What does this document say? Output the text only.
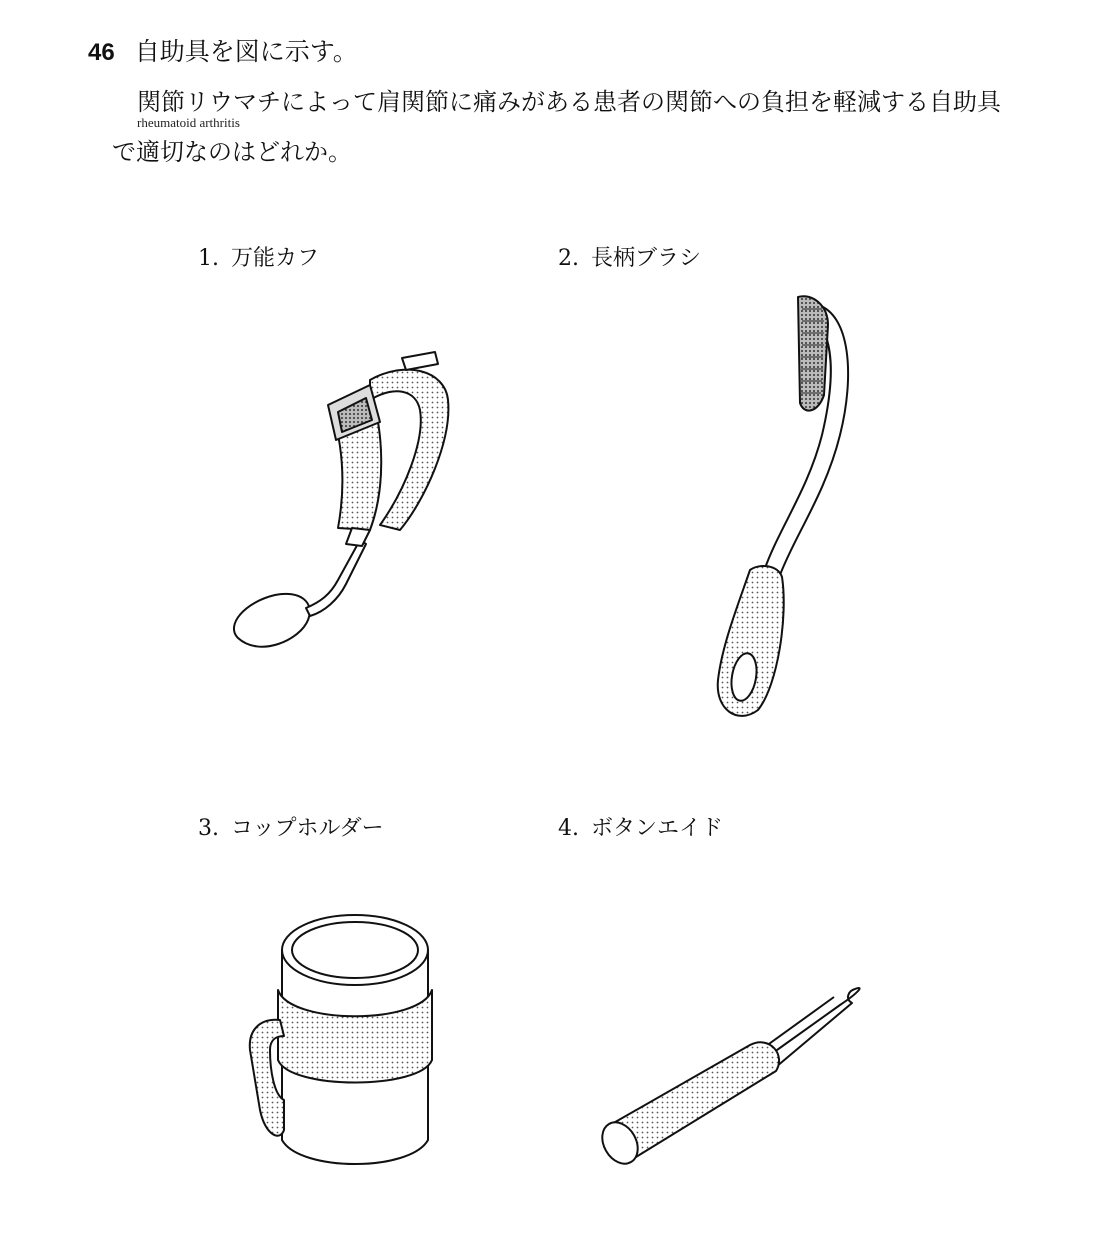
46 自助具を図に示す。
関節リウマチによって肩関節に痛みがある患者の関節への負担を軽減する自助具
rheumatoid arthritis
で適切なのはどれか。
1. 万能カフ	2. 長柄ブラシ
3. コップホルダー	4. ボタンエイド
